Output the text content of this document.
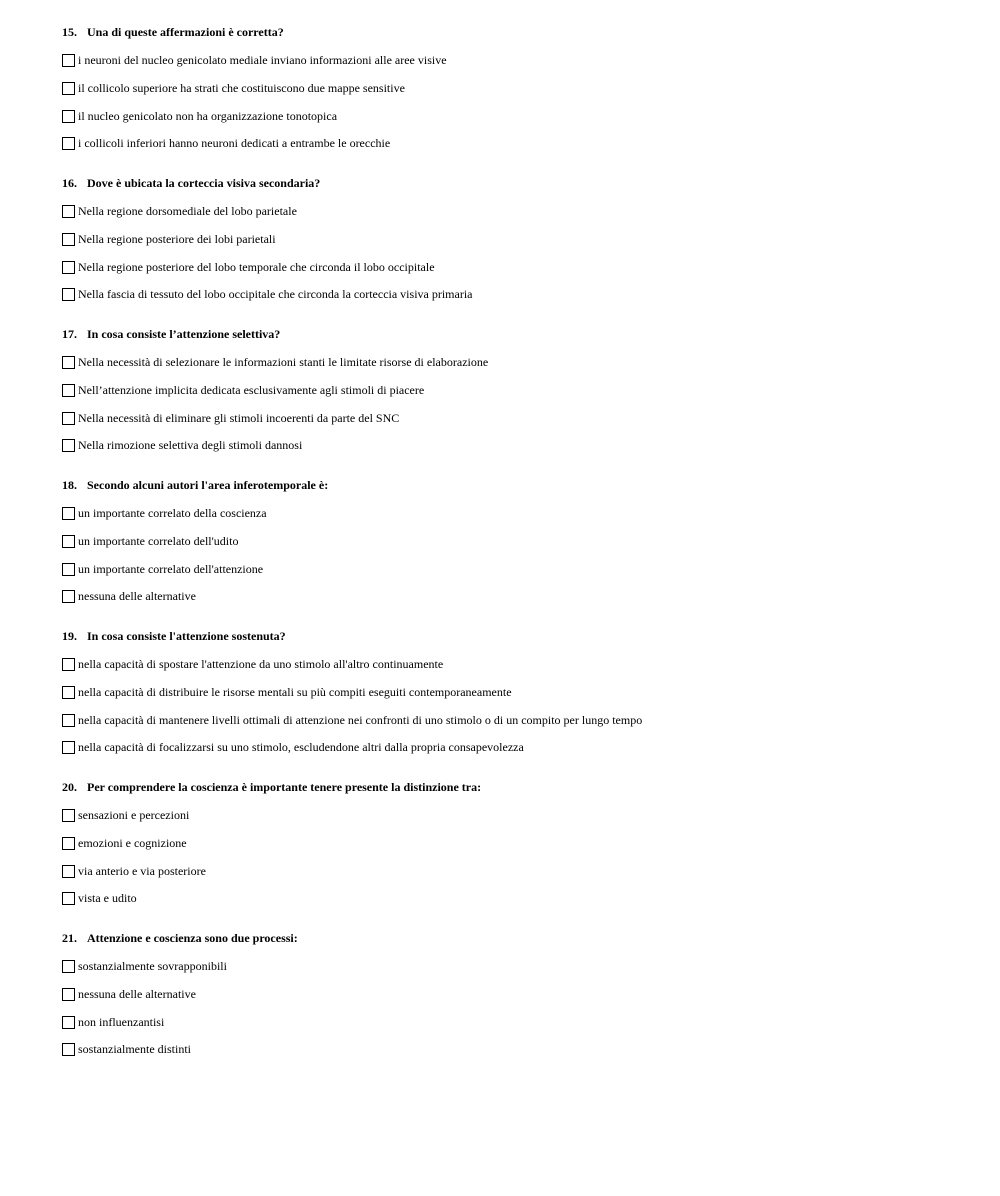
15. Una di queste affermazioni è corretta?
i neuroni del nucleo genicolato mediale inviano informazioni alle aree visive
il collicolo superiore ha strati che costituiscono due mappe sensitive
il nucleo genicolato non ha organizzazione tonotopica
i collicoli inferiori hanno neuroni dedicati a entrambe le orecchie
16. Dove è ubicata la corteccia visiva secondaria?
Nella regione dorsomediale del lobo parietale
Nella regione posteriore dei lobi parietali
Nella regione posteriore del lobo temporale che circonda il lobo occipitale
Nella fascia di tessuto del lobo occipitale che circonda la corteccia visiva primaria
17. In cosa consiste l’attenzione selettiva?
Nella necessità di selezionare le informazioni stanti le limitate risorse di elaborazione
Nell’attenzione implicita dedicata esclusivamente agli stimoli di piacere
Nella necessità di eliminare gli stimoli incoerenti da parte del SNC
Nella rimozione selettiva degli stimoli dannosi
18. Secondo alcuni autori l'area inferotemporale è:
un importante correlato della coscienza
un importante correlato dell'udito
un importante correlato dell'attenzione
nessuna delle alternative
19. In cosa consiste l'attenzione sostenuta?
nella capacità di spostare l'attenzione da uno stimolo all'altro continuamente
nella capacità di distribuire le risorse mentali su più compiti eseguiti contemporaneamente
nella capacità di mantenere livelli ottimali di attenzione nei confronti di uno stimolo o di un compito per lungo tempo
nella capacità di focalizzarsi su uno stimolo, escludendone altri dalla propria consapevolezza
20. Per comprendere la coscienza è importante tenere presente la distinzione tra:
sensazioni e percezioni
emozioni e cognizione
via anterio e via posteriore
vista e udito
21. Attenzione e coscienza sono due processi:
sostanzialmente sovrapponibili
nessuna delle alternative
non influenzantisi
sostanzialmente distinti
